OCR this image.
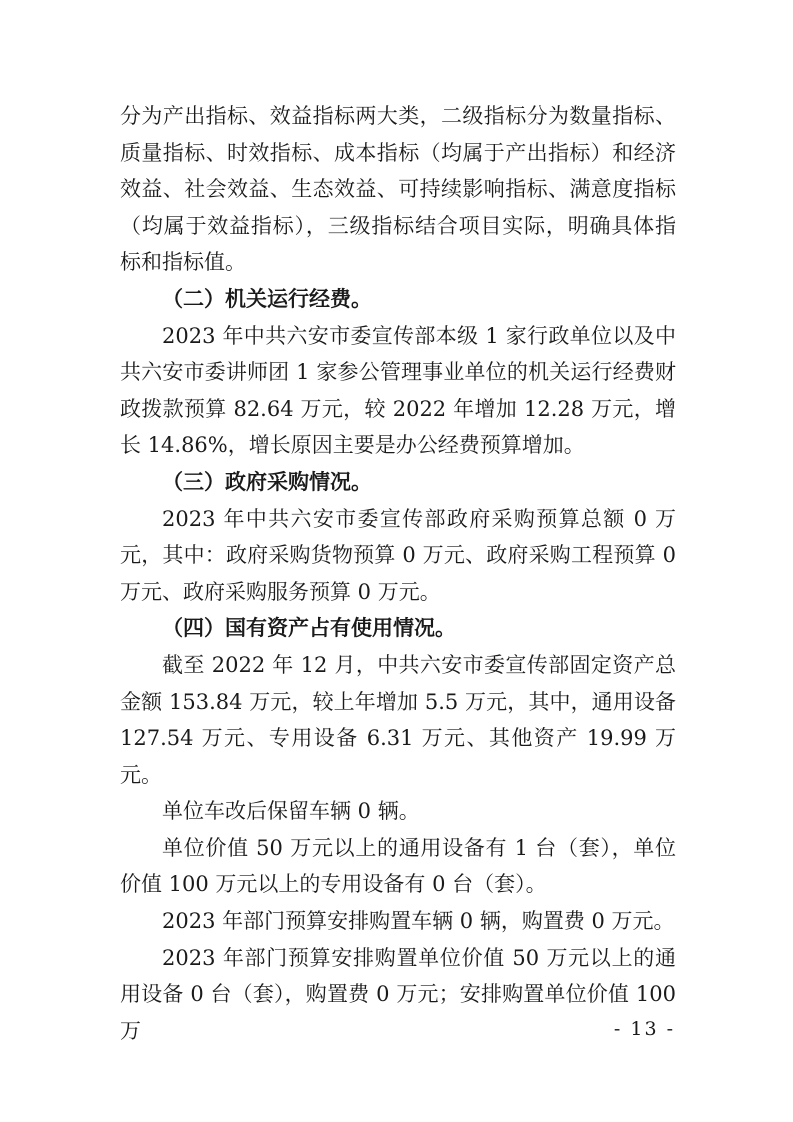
分为产出指标、效益指标两大类，二级指标分为数量指标、质量指标、时效指标、成本指标（均属于产出指标）和经济效益、社会效益、生态效益、可持续影响指标、满意度指标（均属于效益指标），三级指标结合项目实际，明确具体指标和指标值。

（二）机关运行经费。

2023 年中共六安市委宣传部本级 1 家行政单位以及中共六安市委讲师团 1 家参公管理事业单位的机关运行经费财政拨款预算 82.64 万元，较 2022 年增加 12.28 万元，增长 14.86%，增长原因主要是办公经费预算增加。

（三）政府采购情况。

2023 年中共六安市委宣传部政府采购预算总额 0 万元，其中：政府采购货物预算 0 万元、政府采购工程预算 0 万元、政府采购服务预算 0 万元。

（四）国有资产占有使用情况。

截至 2022 年 12 月，中共六安市委宣传部固定资产总金额 153.84 万元，较上年增加 5.5 万元，其中，通用设备 127.54 万元、专用设备 6.31 万元、其他资产 19.99 万元。

单位车改后保留车辆 0 辆。

单位价值 50 万元以上的通用设备有 1 台（套），单位价值 100 万元以上的专用设备有 0 台（套）。

2023 年部门预算安排购置车辆 0 辆，购置费 0 万元。

2023 年部门预算安排购置单位价值 50 万元以上的通用设备 0 台（套），购置费 0 万元；安排购置单位价值 100 万	- 13 -
